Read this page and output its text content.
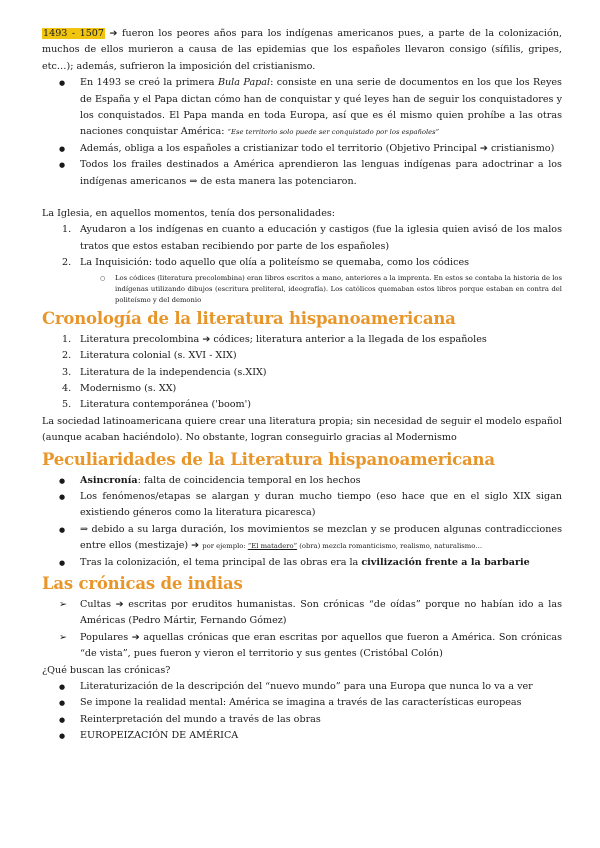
1493 - 1507 ➔ fueron los peores años para los indígenas americanos pues, a parte de la colonización, muchos de ellos murieron a causa de las epidemias que los españoles llevaron consigo (sífilis, gripes, etc…); además, sufrieron la imposición del cristianismo.

● En 1493 se creó la primera Bula Papal: consiste en una serie de documentos en los que los Reyes de España y el Papa dictan cómo han de conquistar y qué leyes han de seguir los conquistadores y los conquistados. El Papa manda en toda Europa, así que es él mismo quien prohíbe a las otras naciones conquistar América: “Ese territorio solo puede ser conquistado por los españoles”
● Además, obliga a los españoles a cristianizar todo el territorio (Objetivo Principal ➔ cristianismo)
● Todos los frailes destinados a América aprendieron las lenguas indígenas para adoctrinar a los indígenas americanos ⇒ de esta manera las potenciaron.

La Iglesia, en aquellos momentos, tenía dos personalidades:

1. Ayudaron a los indígenas en cuanto a educación y castigos (fue la iglesia quien avisó de los malos tratos que estos estaban recibiendo por parte de los españoles)
2. La Inquisición: todo aquello que olía a politeísmo se quemaba, como los códices
○ Los códices (literatura precolombina) eran libros escritos a mano, anteriores a la imprenta. En estos se contaba la historia de los indígenas utilizando dibujos (escritura preliteral, ideografía). Los católicos quemaban estos libros porque estaban en contra del politeísmo y del demonio
Cronología de la literatura hispanoamericana
1. Literatura precolombina ➔ códices; literatura anterior a la llegada de los españoles
2. Literatura colonial (s. XVI - XIX)
3. Literatura de la independencia (s.XIX)
4. Modernismo (s. XX)
5. Literatura contemporánea ('boom')

La sociedad latinoamericana quiere crear una literatura propia; sin necesidad de seguir el modelo español (aunque acaban haciéndolo). No obstante, logran conseguirlo gracias al Modernismo

Peculiaridades de la Literatura hispanoamericana
● Asincronía: falta de coincidencia temporal en los hechos
● Los fenómenos/etapas se alargan y duran mucho tiempo (eso hace que en el siglo XIX sigan existiendo géneros como la literatura picaresca)
● ⇒ debido a su larga duración, los movimientos se mezclan y se producen algunas contradicciones entre ellos (mestizaje) ➔ por ejemplo: “El matadero” (obra) mezcla romanticismo, realismo, naturalismo…
● Tras la colonización, el tema principal de las obras era la civilización frente a la barbarie
Las crónicas de indias
➢ Cultas ➔ escritas por eruditos humanistas. Son crónicas “de oídas” porque no habían ido a las Américas (Pedro Mártir, Fernando Gómez)
➢ Populares ➔ aquellas crónicas que eran escritas por aquellos que fueron a América. Son crónicas “de vista”, pues fueron y vieron el territorio y sus gentes (Cristóbal Colón)

¿Qué buscan las crónicas?

● Literaturización de la descripción del “nuevo mundo” para una Europa que nunca lo va a ver
● Se impone la realidad mental: América se imagina a través de las características europeas
● Reinterpretación del mundo a través de las obras
● EUROPEIZACIÓN DE AMÉRICA
